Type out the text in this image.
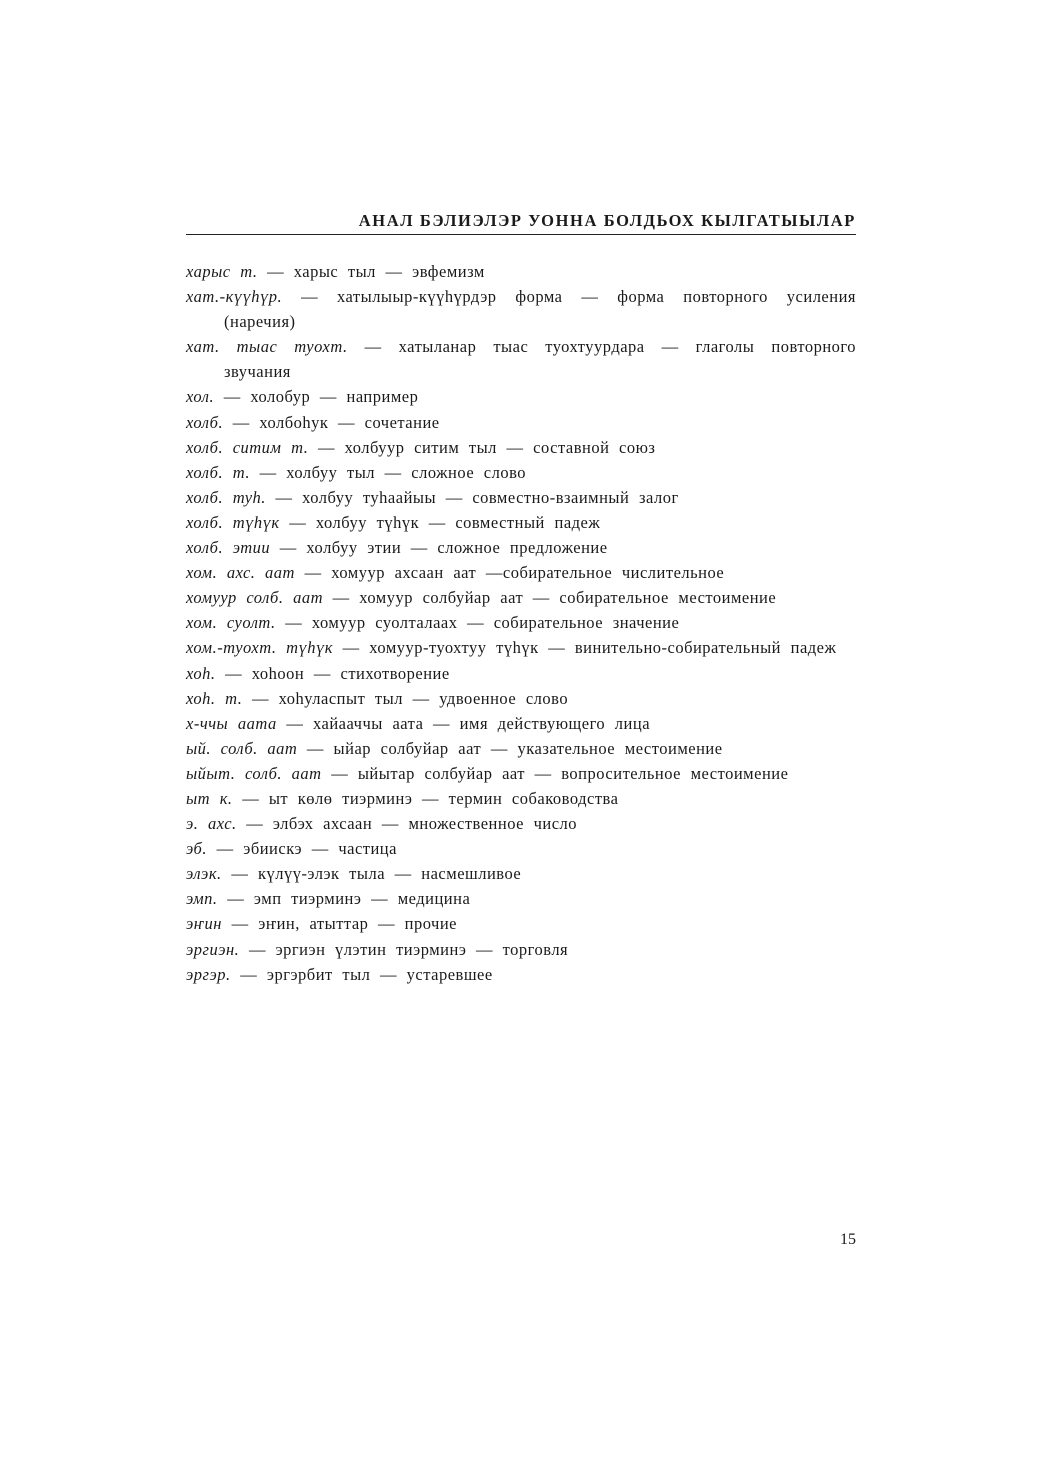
АНАЛ БЭЛИЭЛЭР УОННА БОЛДЬОХ КЫЛГАТЫЫЛАР
харыс т. — харыс тыл — эвфемизм
хат.-күүһүр. — хатылыыр-күүһүрдэр форма — форма повторного усиления (наречия)
хат. тыас туохт. — хатыланар тыас туохтуурдара — глаголы повторного звучания
хол. — холобур — например
холб. — холбоһук — сочетание
холб. ситим т. — холбуур ситим тыл — составной союз
холб. т. — холбуу тыл — сложное слово
холб. туһ. — холбуу туһаайыы — совместно-взаимный залог
холб. түһүк — холбуу түһүк — совместный падеж
холб. этии — холбуу этии — сложное предложение
хом. ахс. аат — хомуур ахсаан аат —собирательное числительное
хомуур солб. аат — хомуур солбуйар аат — собирательное местоимение
хом. суолт. — хомуур суолталаах — собирательное значение
хом.-туохт. түһүк — хомуур-туохтуу түһүк — винительно-собирательный падеж
хоһ. — хоһоон — стихотворение
хоһ. т. — хоһуласпыт тыл — удвоенное слово
х-ччы аата — хайааччы аата — имя действующего лица
ый. солб. аат — ыйар солбуйар аат — указательное местоимение
ыйыт. солб. аат — ыйытар солбуйар аат — вопросительное местоимение
ыт к. — ыт көлө тиэрминэ — термин собаководства
э. ахс. — элбэх ахсаан — множественное число
эб. — эбиискэ — частица
элэк. — күлүү-элэк тыла — насмешливое
эмп. — эмп тиэрминэ — медицина
эҥин — эҥин, атыттар — прочие
эргиэн. — эргиэн үлэтин тиэрминэ — торговля
эргэр. — эргэрбит тыл — устаревшее
15
